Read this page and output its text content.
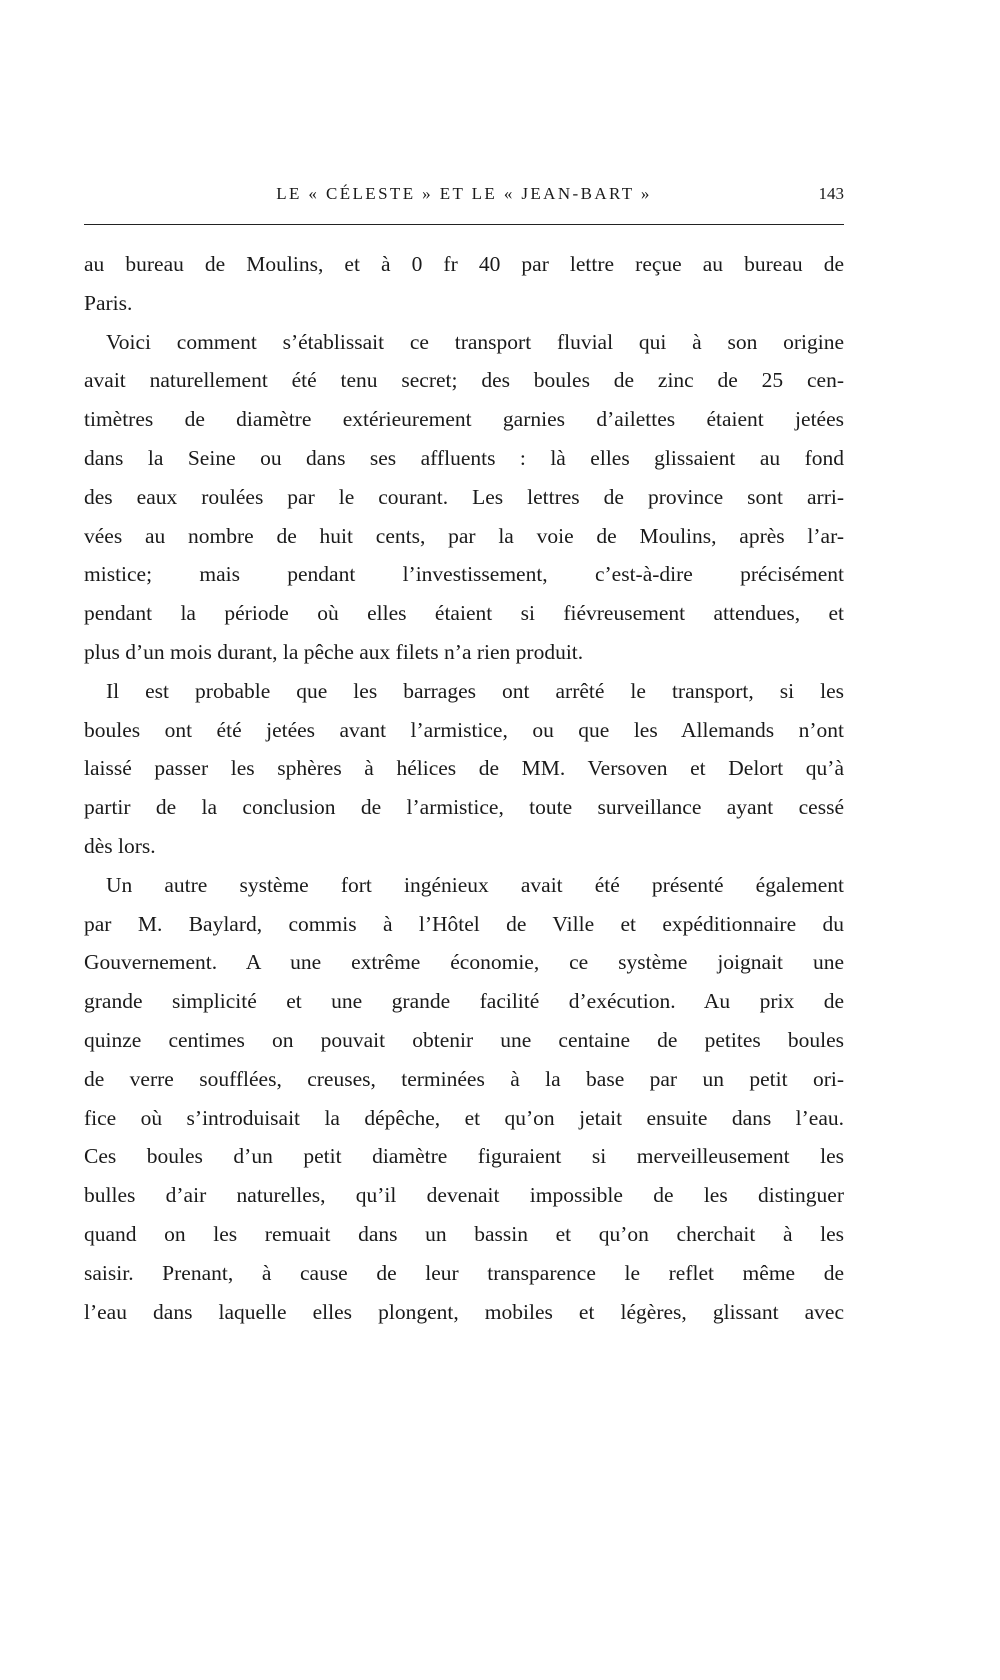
LE « CÉLESTE » ET LE « JEAN-BART »	143
au bureau de Moulins, et à 0 fr 40 par lettre reçue au bureau de
Paris.
Voici comment s’établissait ce transport fluvial qui à son origine
avait naturellement été tenu secret; des boules de zinc de 25 cen-
timètres de diamètre extérieurement garnies d’ailettes étaient jetées
dans la Seine ou dans ses affluents : là elles glissaient au fond
des eaux roulées par le courant. Les lettres de province sont arri-
vées au nombre de huit cents, par la voie de Moulins, après l’ar-
mistice; mais pendant l’investissement, c’est-à-dire précisément
pendant la période où elles étaient si fiévreusement attendues, et
plus d’un mois durant, la pêche aux filets n’a rien produit.
Il est probable que les barrages ont arrêté le transport, si les
boules ont été jetées avant l’armistice, ou que les Allemands n’ont
laissé passer les sphères à hélices de MM. Versoven et Delort qu’à
partir de la conclusion de l’armistice, toute surveillance ayant cessé
dès lors.
Un autre système fort ingénieux avait été présenté également
par M. Baylard, commis à l’Hôtel de Ville et expéditionnaire du
Gouvernement. A une extrême économie, ce système joignait une
grande simplicité et une grande facilité d’exécution. Au prix de
quinze centimes on pouvait obtenir une centaine de petites boules
de verre soufflées, creuses, terminées à la base par un petit ori-
fice où s’introduisait la dépêche, et qu’on jetait ensuite dans l’eau.
Ces boules d’un petit diamètre figuraient si merveilleusement les
bulles d’air naturelles, qu’il devenait impossible de les distinguer
quand on les remuait dans un bassin et qu’on cherchait à les
saisir. Prenant, à cause de leur transparence le reflet même de
l’eau dans laquelle elles plongent, mobiles et légères, glissant avec
